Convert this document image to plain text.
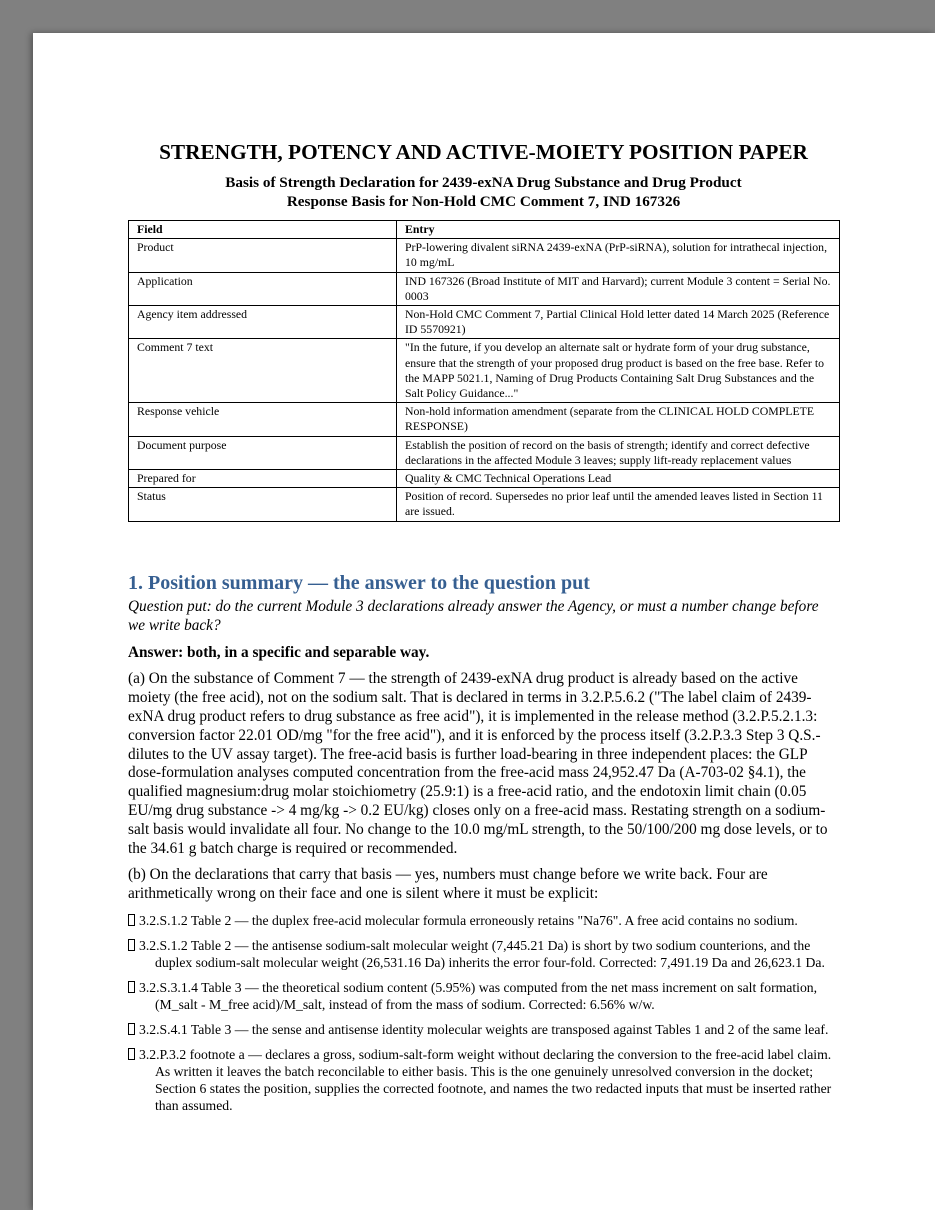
STRENGTH, POTENCY AND ACTIVE-MOIETY POSITION PAPER
Basis of Strength Declaration for 2439-exNA Drug Substance and Drug Product
Response Basis for Non-Hold CMC Comment 7, IND 167326
Field	Entry
Product	PrP-lowering divalent siRNA 2439-exNA (PrP-siRNA), solution for intrathecal injection, 10 mg/mL
Application	IND 167326 (Broad Institute of MIT and Harvard); current Module 3 content = Serial No. 0003
Agency item addressed	Non-Hold CMC Comment 7, Partial Clinical Hold letter dated 14 March 2025 (Reference ID 5570921)
Comment 7 text	"In the future, if you develop an alternate salt or hydrate form of your drug substance, ensure that the strength of your proposed drug product is based on the free base. Refer to the MAPP 5021.1, Naming of Drug Products Containing Salt Drug Substances and the Salt Policy Guidance..."
Response vehicle	Non-hold information amendment (separate from the CLINICAL HOLD COMPLETE RESPONSE)
Document purpose	Establish the position of record on the basis of strength; identify and correct defective declarations in the affected Module 3 leaves; supply lift-ready replacement values
Prepared for	Quality & CMC Technical Operations Lead
Status	Position of record. Supersedes no prior leaf until the amended leaves listed in Section 11 are issued.
1. Position summary — the answer to the question put

Question put: do the current Module 3 declarations already answer the Agency, or must a number change before we write back?

Answer: both, in a specific and separable way.

(a) On the substance of Comment 7 — the strength of 2439-exNA drug product is already based on the active moiety (the free acid), not on the sodium salt. That is declared in terms in 3.2.P.5.6.2 ("The label claim of 2439-exNA drug product refers to drug substance as free acid"), it is implemented in the release method (3.2.P.5.2.1.3: conversion factor 22.01 OD/mg "for the free acid"), and it is enforced by the process itself (3.2.P.3.3 Step 3 Q.S.-dilutes to the UV assay target). The free-acid basis is further load-bearing in three independent places: the GLP dose-formulation analyses computed concentration from the free-acid mass 24,952.47 Da (A-703-02 §4.1), the qualified magnesium:drug molar stoichiometry (25.9:1) is a free-acid ratio, and the endotoxin limit chain (0.05 EU/mg drug substance -> 4 mg/kg -> 0.2 EU/kg) closes only on a free-acid mass. Restating strength on a sodium-salt basis would invalidate all four. No change to the 10.0 mg/mL strength, to the 50/100/200 mg dose levels, or to the 34.61 g batch charge is required or recommended.

(b) On the declarations that carry that basis — yes, numbers must change before we write back. Four are arithmetically wrong on their face and one is silent where it must be explicit:

3.2.S.1.2 Table 2 — the duplex free-acid molecular formula erroneously retains "Na76". A free acid contains no sodium.
3.2.S.1.2 Table 2 — the antisense sodium-salt molecular weight (7,445.21 Da) is short by two sodium counterions, and the duplex sodium-salt molecular weight (26,531.16 Da) inherits the error four-fold. Corrected: 7,491.19 Da and 26,623.1 Da.
3.2.S.3.1.4 Table 3 — the theoretical sodium content (5.95%) was computed from the net mass increment on salt formation, (M_salt - M_free acid)/M_salt, instead of from the mass of sodium. Corrected: 6.56% w/w.
3.2.S.4.1 Table 3 — the sense and antisense identity molecular weights are transposed against Tables 1 and 2 of the same leaf.
3.2.P.3.2 footnote a — declares a gross, sodium-salt-form weight without declaring the conversion to the free-acid label claim. As written it leaves the batch reconcilable to either basis. This is the one genuinely unresolved conversion in the docket; Section 6 states the position, supplies the corrected footnote, and names the two redacted inputs that must be inserted rather than assumed.
